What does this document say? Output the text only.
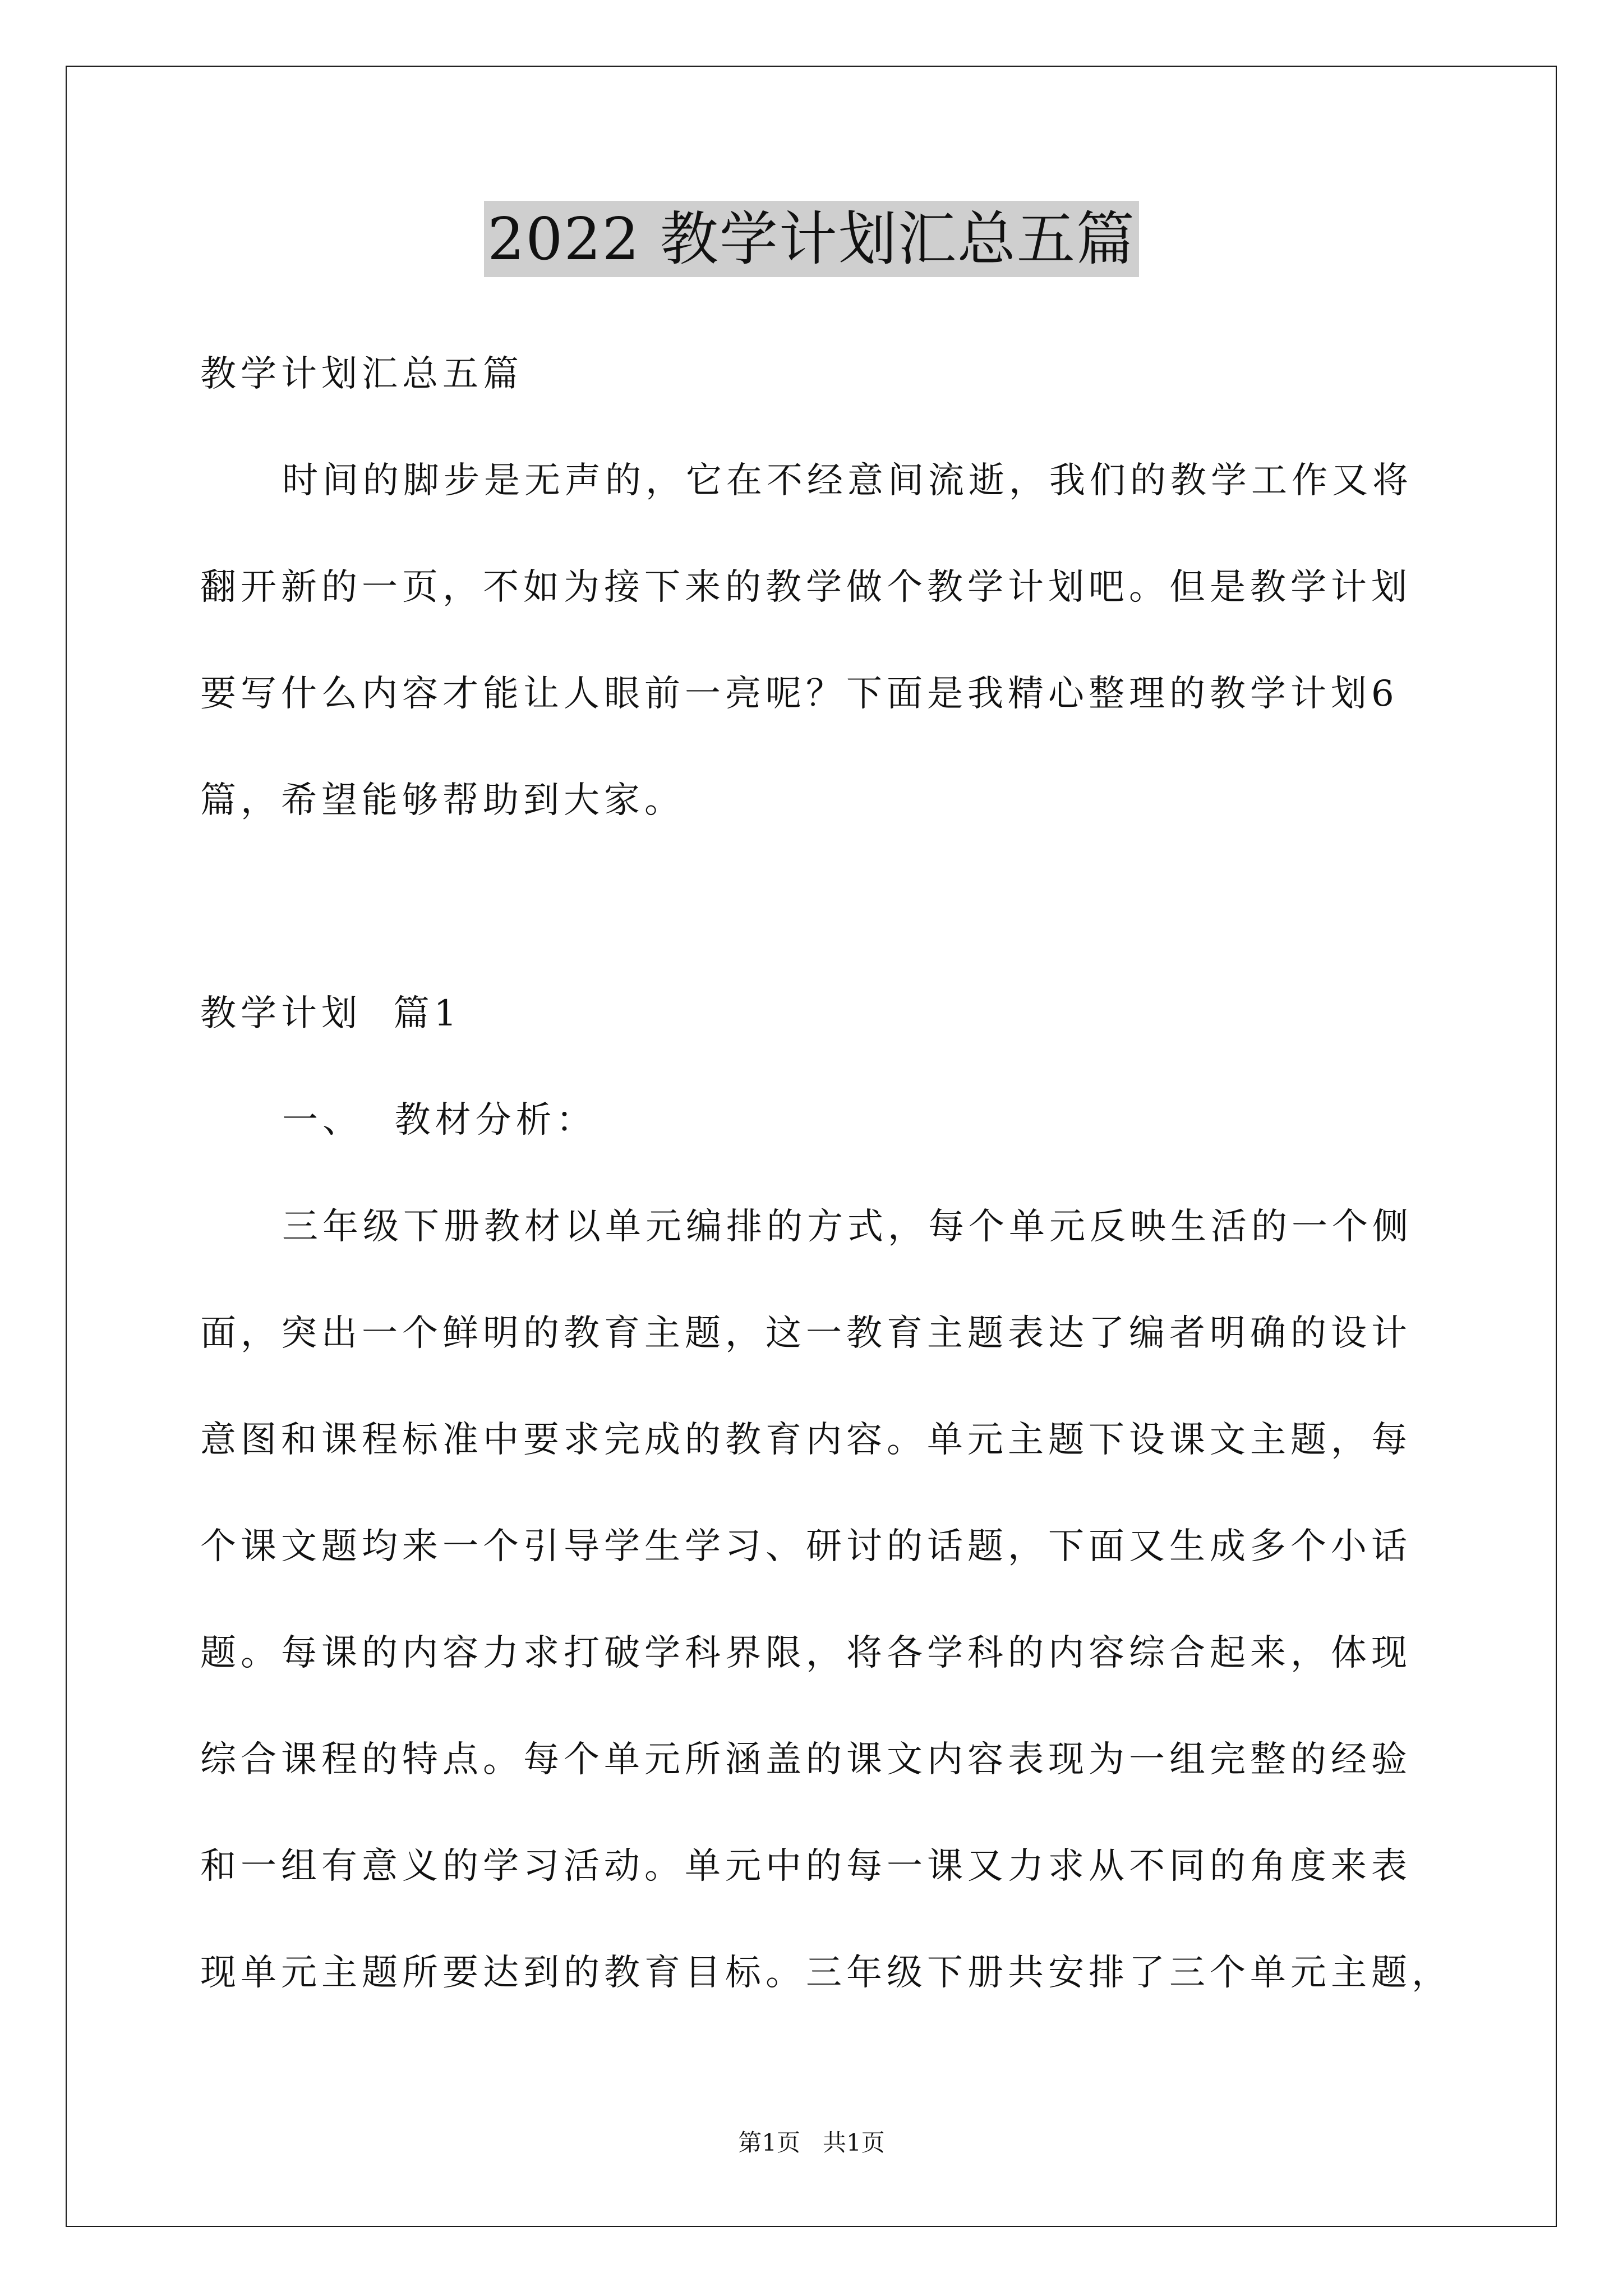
2022 教学计划汇总五篇
教学计划汇总五篇
时间的脚步是无声的，它在不经意间流逝，我们的教学工作又将
翻开新的一页，不如为接下来的教学做个教学计划吧。但是教学计划
要写什么内容才能让人眼前一亮呢？下面是我精心整理的教学计划6
篇，希望能够帮助到大家。
教学计划  篇1
一、  教材分析：
三年级下册教材以单元编排的方式，每个单元反映生活的一个侧
面，突出一个鲜明的教育主题，这一教育主题表达了编者明确的设计
意图和课程标准中要求完成的教育内容。单元主题下设课文主题，每
个课文题均来一个引导学生学习、研讨的话题，下面又生成多个小话
题。每课的内容力求打破学科界限，将各学科的内容综合起来，体现
综合课程的特点。每个单元所涵盖的课文内容表现为一组完整的经验
和一组有意义的学习活动。单元中的每一课又力求从不同的角度来表
现单元主题所要达到的教育目标。三年级下册共安排了三个单元主题，
第1页   共1页
